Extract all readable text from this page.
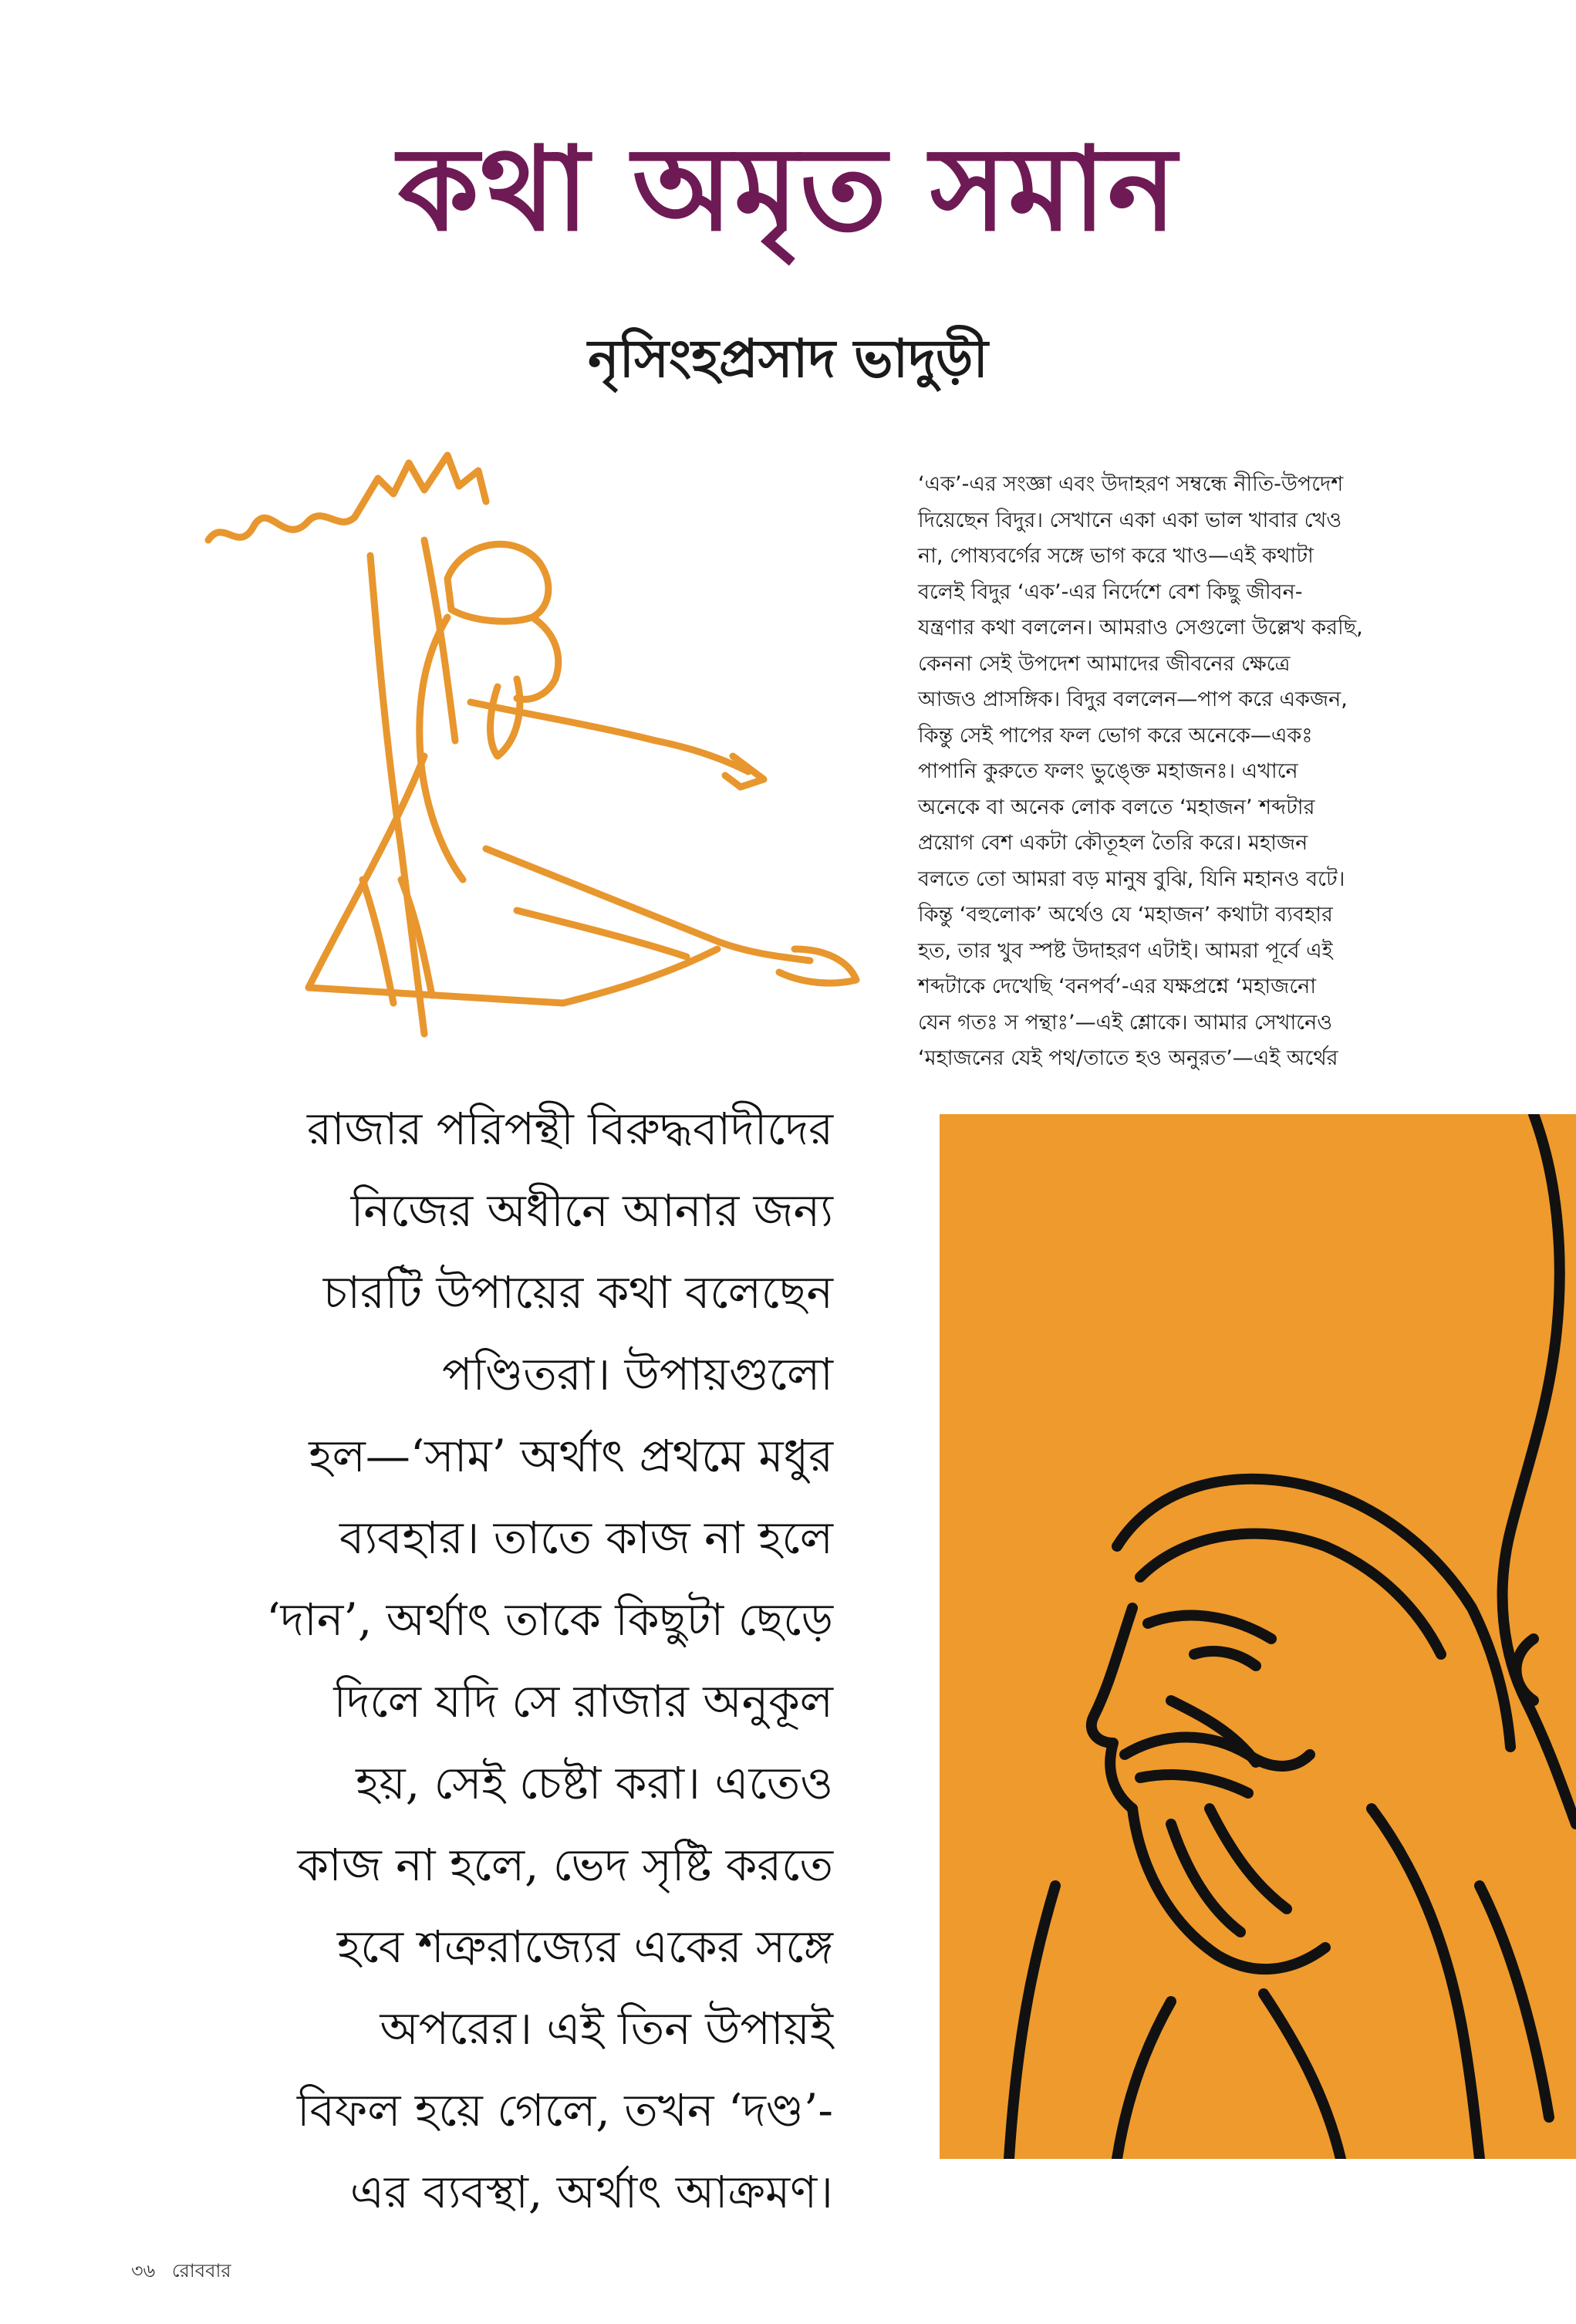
কথা অমৃত সমান
নৃসিংহপ্রসাদ ভাদুড়ী
‘এক’-এর সংজ্ঞা এবং উদাহরণ সম্বন্ধে নীতি-উপদেশ
দিয়েছেন বিদুর। সেখানে একা একা ভাল খাবার খেও
না, পোষ্যবর্গের সঙ্গে ভাগ করে খাও—এই কথাটা
বলেই বিদুর ‘এক’-এর নির্দেশে বেশ কিছু জীবন-
যন্ত্রণার কথা বললেন। আমরাও সেগুলো উল্লেখ করছি,
কেননা সেই উপদেশ আমাদের জীবনের ক্ষেত্রে
আজও প্রাসঙ্গিক। বিদুর বললেন—পাপ করে একজন,
কিন্তু সেই পাপের ফল ভোগ করে অনেকে—একঃ
পাপানি কুরুতে ফলং ভুঙ্ক্তে মহাজনঃ। এখানে
অনেকে বা অনেক লোক বলতে ‘মহাজন’ শব্দটার
প্রয়োগ বেশ একটা কৌতূহল তৈরি করে। মহাজন
বলতে তো আমরা বড় মানুষ বুঝি, যিনি মহানও বটে।
কিন্তু ‘বহুলোক’ অর্থেও যে ‘মহাজন’ কথাটা ব্যবহার
হত, তার খুব স্পষ্ট উদাহরণ এটাই। আমরা পূর্বে এই
শব্দটাকে দেখেছি ‘বনপর্ব’-এর যক্ষপ্রশ্নে ‘মহাজনো
যেন গতঃ স পন্থাঃ’—এই শ্লোকে। আমার সেখানেও
‘মহাজনের যেই পথ/তাতে হও অনুরত’—এই অর্থের
রাজার পরিপন্থী বিরুদ্ধবাদীদের
নিজের অধীনে আনার জন্য
চারটি উপায়ের কথা বলেছেন
পণ্ডিতরা। উপায়গুলো
হল—‘সাম’ অর্থাৎ প্রথমে মধুর
ব্যবহার। তাতে কাজ না হলে
‘দান’, অর্থাৎ তাকে কিছুটা ছেড়ে
দিলে যদি সে রাজার অনুকূল
হয়, সেই চেষ্টা করা। এতেও
কাজ না হলে, ভেদ সৃষ্টি করতে
হবে শত্রুরাজ্যের একের সঙ্গে
অপরের। এই তিন উপায়ই
বিফল হয়ে গেলে, তখন ‘দণ্ড’-
এর ব্যবস্থা, অর্থাৎ আক্রমণ।
৩৬ রোববার
